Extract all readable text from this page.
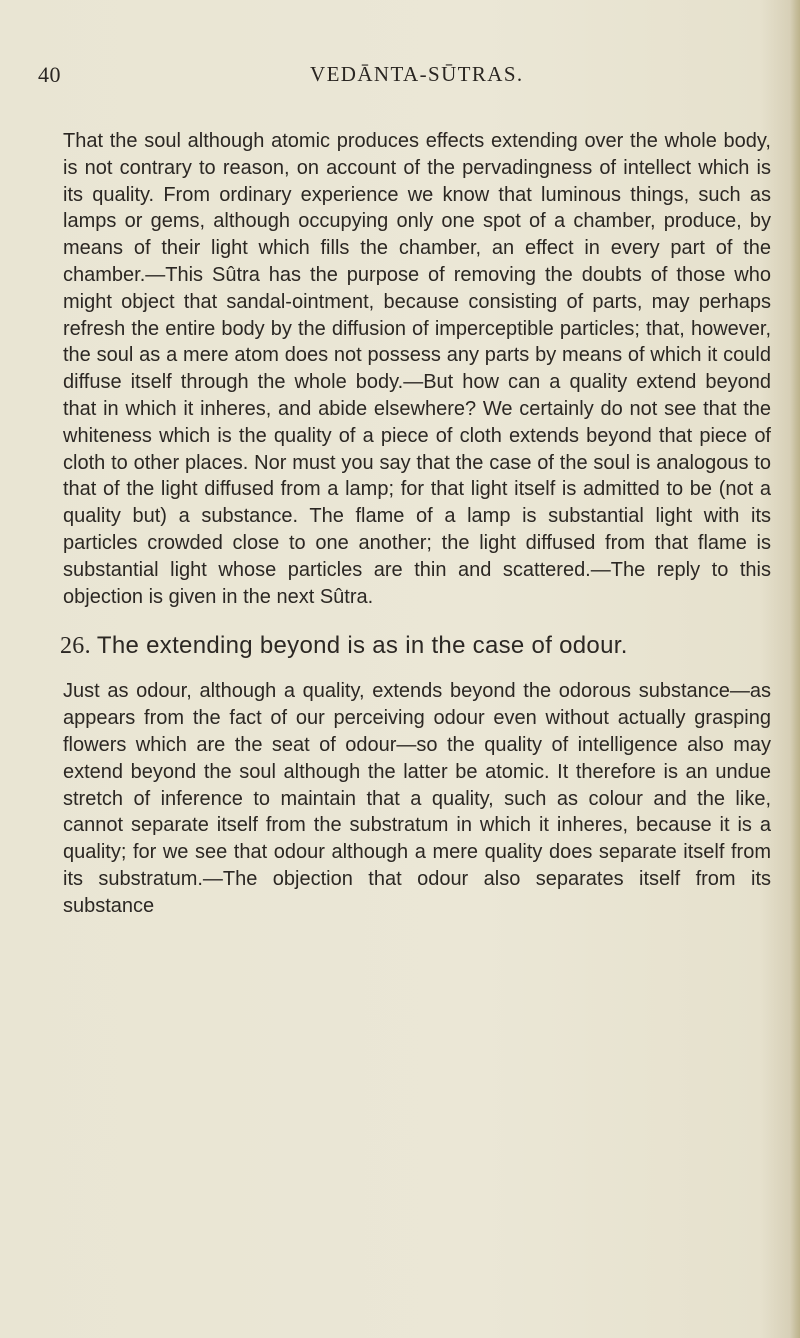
40	VEDĀNTA-SŪTRAS.

That the soul although atomic produces effects extending over the whole body, is not contrary to reason, on account of the pervadingness of intellect which is its quality. From ordinary experience we know that luminous things, such as lamps or gems, although occupying only one spot of a chamber, produce, by means of their light which fills the chamber, an effect in every part of the chamber.—This Sûtra has the purpose of removing the doubts of those who might object that sandal-ointment, because consisting of parts, may perhaps refresh the entire body by the diffusion of imperceptible particles; that, however, the soul as a mere atom does not possess any parts by means of which it could diffuse itself through the whole body.—But how can a quality extend beyond that in which it inheres, and abide elsewhere? We certainly do not see that the whiteness which is the quality of a piece of cloth extends beyond that piece of cloth to other places. Nor must you say that the case of the soul is analogous to that of the light diffused from a lamp; for that light itself is admitted to be (not a quality but) a substance. The flame of a lamp is substantial light with its particles crowded close to one another; the light diffused from that flame is substantial light whose particles are thin and scattered.—The reply to this objection is given in the next Sûtra.

26. The extending beyond is as in the case of odour.

Just as odour, although a quality, extends beyond the odorous substance—as appears from the fact of our perceiving odour even without actually grasping flowers which are the seat of odour—so the quality of intelligence also may extend beyond the soul although the latter be atomic. It therefore is an undue stretch of inference to maintain that a quality, such as colour and the like, cannot separate itself from the substratum in which it inheres, because it is a quality; for we see that odour although a mere quality does separate itself from its substratum.—The objection that odour also separates itself from its substance
